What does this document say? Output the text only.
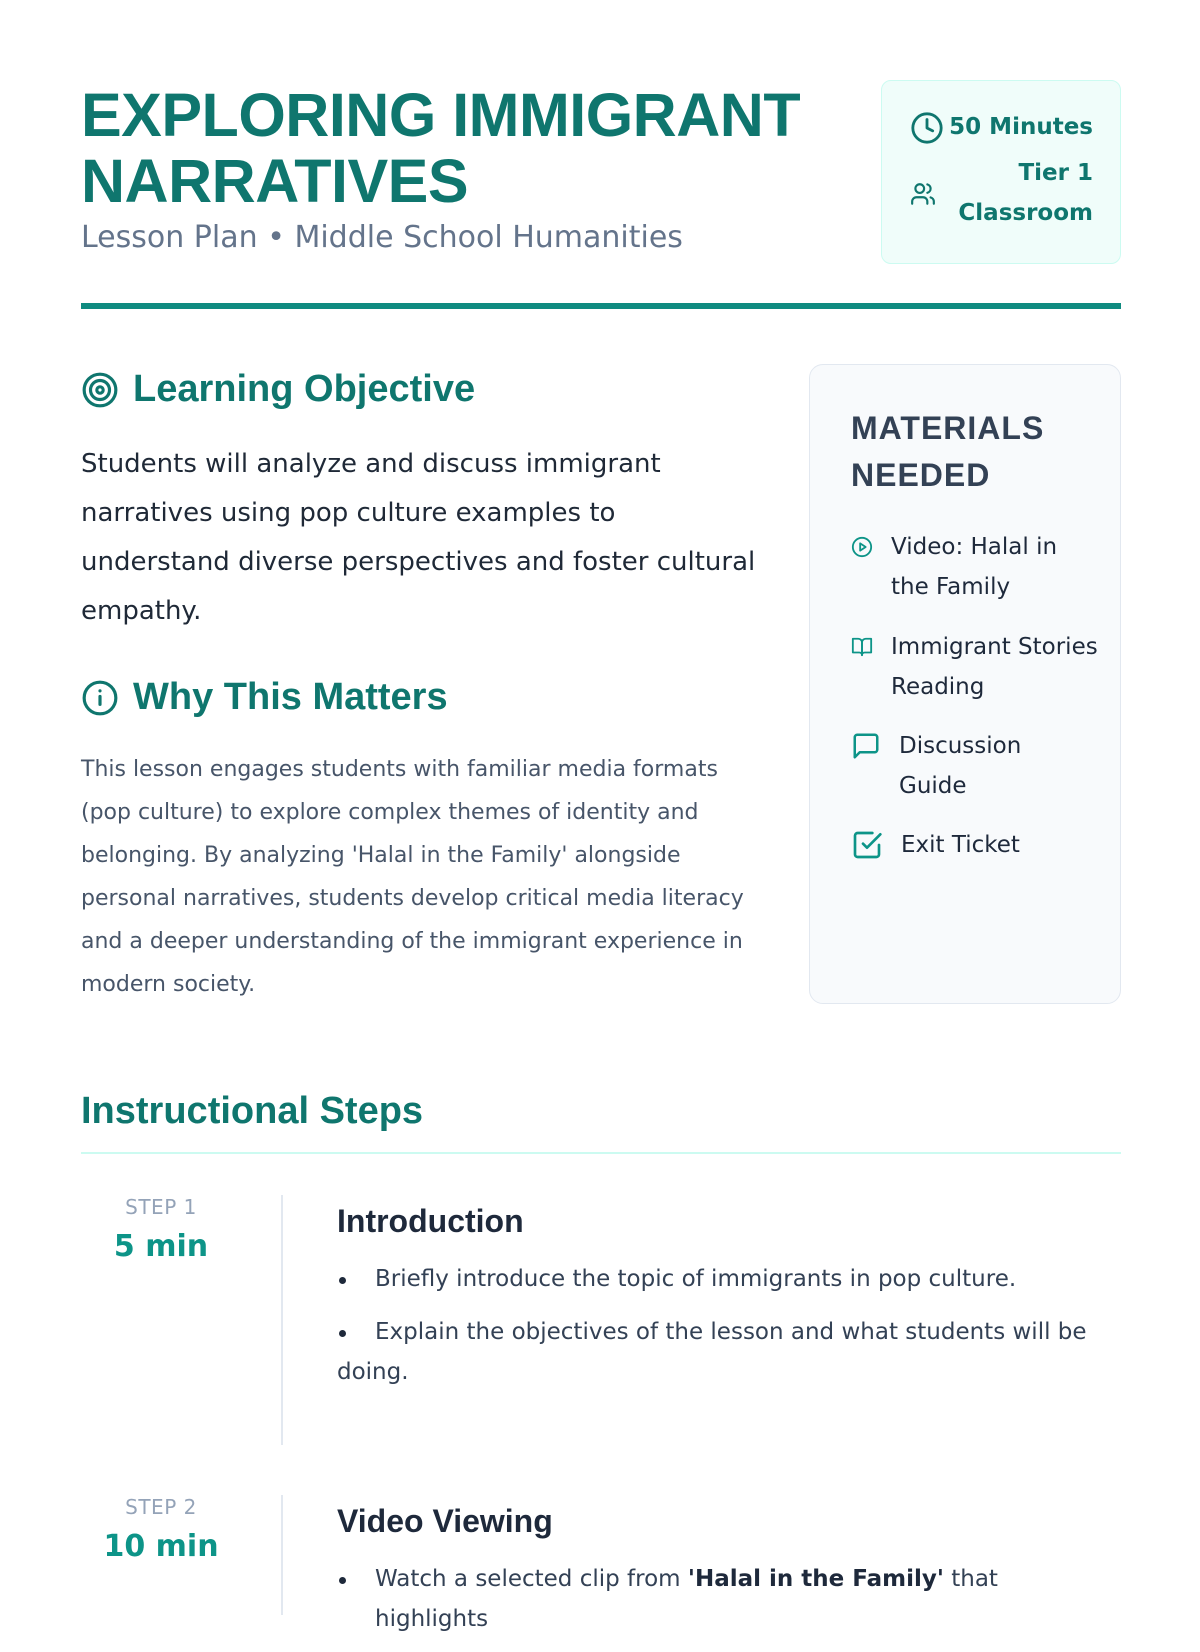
EXPLORING IMMIGRANT NARRATIVES
Lesson Plan • Middle School Humanities
50 Minutes
Tier 1
Classroom
Learning Objective

Students will analyze and discuss immigrant narratives using pop culture examples to understand diverse perspectives and foster cultural empathy.

Why This Matters

This lesson engages students with familiar media formats (pop culture) to explore complex themes of identity and belonging. By analyzing 'Halal in the Family' alongside personal narratives, students develop critical media literacy and a deeper understanding of the immigrant experience in modern society.

MATERIALS NEEDED
Video: Halal in the Family
Immigrant Stories Reading
Discussion Guide
Exit Ticket
Instructional Steps
STEP 1
5 min
Introduction
Briefly introduce the topic of immigrants in pop culture.
Explain the objectives of the lesson and what students will be doing.
STEP 2
10 min
Video Viewing
Watch a selected clip from 'Halal in the Family' that highlights
